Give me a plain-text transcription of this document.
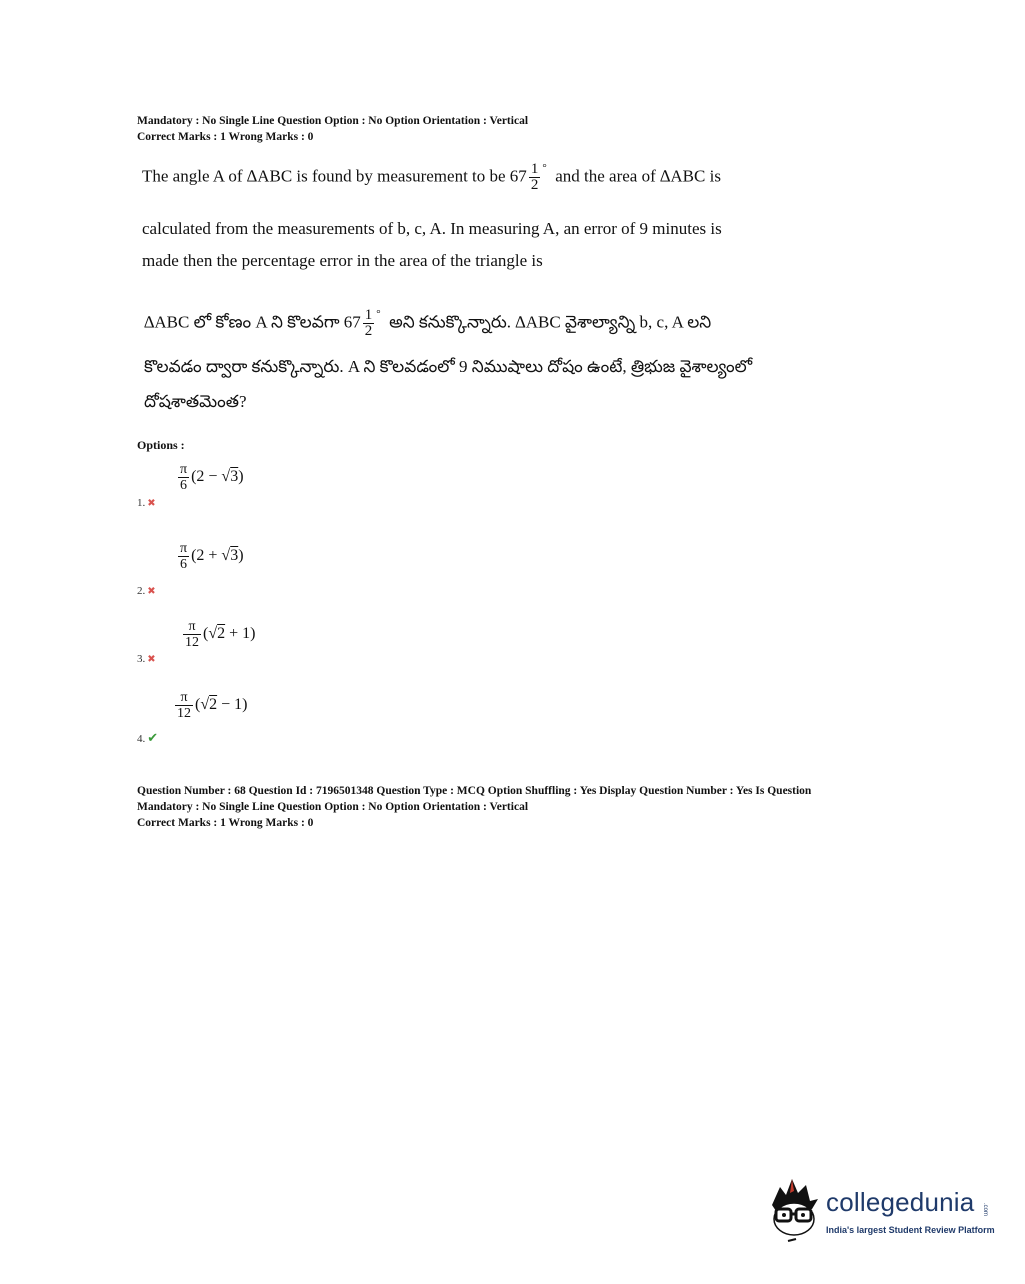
Mandatory : No Single Line Question Option : No Option Orientation : Vertical
Correct Marks : 1 Wrong Marks : 0
The angle A of ∆ABC is found by measurement to be $67 \frac{1}{2} ^\circ$ and the area of ∆ABC is
calculated from the measurements of b, c, A. In measuring A, an error of 9 minutes is
made then the percentage error in the area of the triangle is
∆ABC లో కోణం A ని కొలవగా $67 \frac{1}{2} ^\circ$ అని కనుక్కొన్నారు. ∆ABC వైశాల్యాన్ని b, c, A లని
కొలవడం ద్వారా కనుక్కొన్నారు. A ని కొలవడంలో 9 నిముషాలు దోషం ఉంటే, త్రిభుజ వైశాల్యంలో
దోషశాతమెంత?
Options :
$\frac{\pi}{6} (2 - √3)$
1. ✖
$\frac{\pi}{6} (2 + √3)$
2. ✖
$\frac{\pi}{12} (√2 + 1)$
3. ✖
$\frac{\pi}{12} (√2 - 1)$
4. ✔
Question Number : 68 Question Id : 7196501348 Question Type : MCQ Option Shuffling : Yes Display Question Number : Yes Is Question
Mandatory : No Single Line Question Option : No Option Orientation : Vertical
Correct Marks : 1 Wrong Marks : 0
collegedunia .com
India's largest Student Review Platform
